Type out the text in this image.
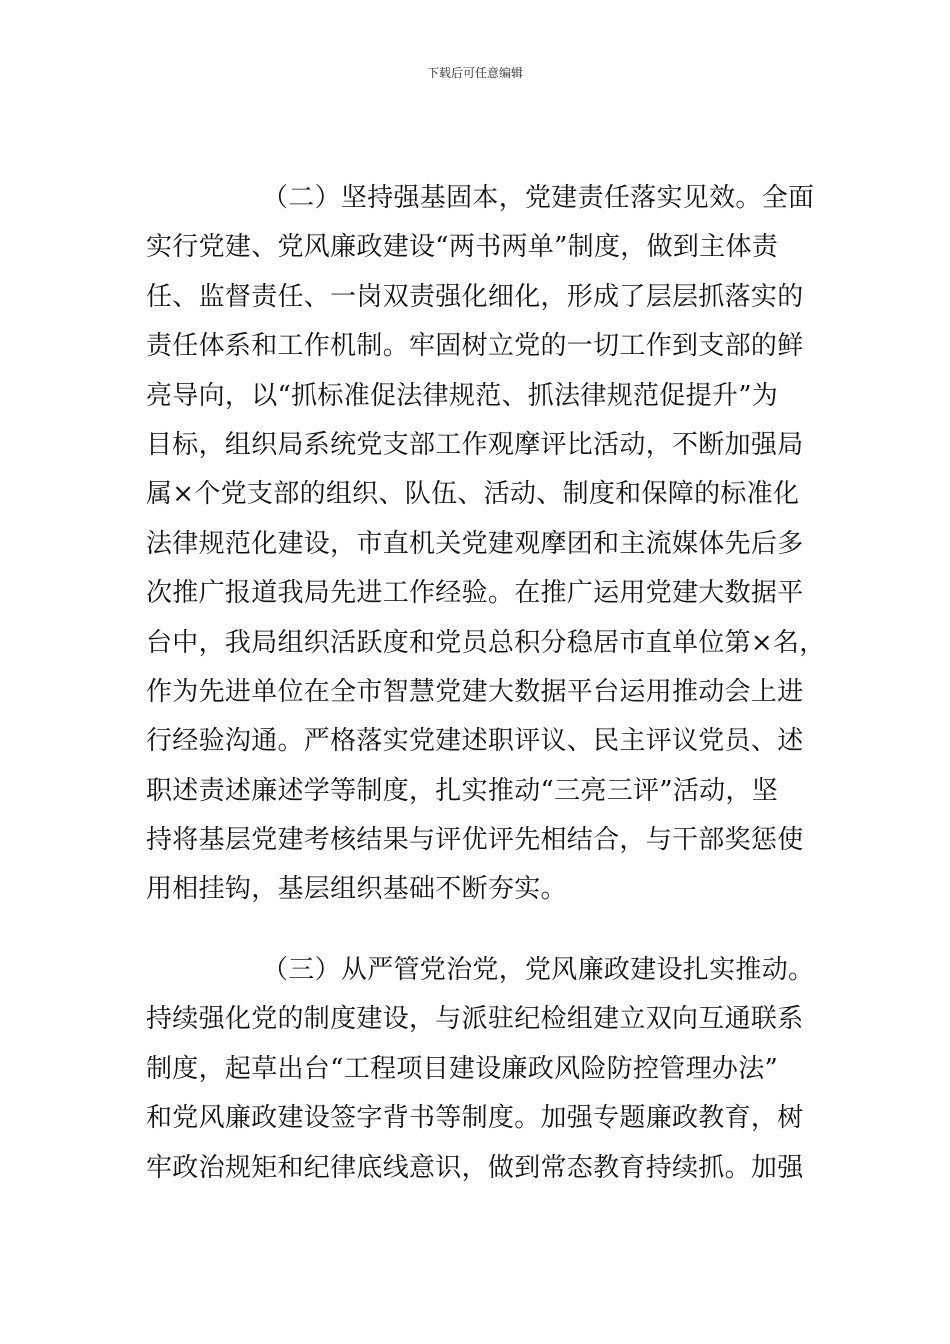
下载后可任意编辑
（二）坚持强基固本，党建责任落实见效。全面
实行党建、党风廉政建设“两书两单”制度，做到主体责
任、监督责任、一岗双责强化细化，形成了层层抓落实的
责任体系和工作机制。牢固树立党的一切工作到支部的鲜
亮导向，以“抓标准促法律规范、抓法律规范促提升”为
目标，组织局系统党支部工作观摩评比活动，不断加强局
属×个党支部的组织、队伍、活动、制度和保障的标准化
法律规范化建设，市直机关党建观摩团和主流媒体先后多
次推广报道我局先进工作经验。在推广运用党建大数据平
台中，我局组织活跃度和党员总积分稳居市直单位第×名，
作为先进单位在全市智慧党建大数据平台运用推动会上进
行经验沟通。严格落实党建述职评议、民主评议党员、述
职述责述廉述学等制度，扎实推动“三亮三评”活动，坚
持将基层党建考核结果与评优评先相结合，与干部奖惩使
用相挂钩，基层组织基础不断夯实。
（三）从严管党治党，党风廉政建设扎实推动。
持续强化党的制度建设，与派驻纪检组建立双向互通联系
制度，起草出台“工程项目建设廉政风险防控管理办法”
和党风廉政建设签字背书等制度。加强专题廉政教育，树
牢政治规矩和纪律底线意识，做到常态教育持续抓。加强
